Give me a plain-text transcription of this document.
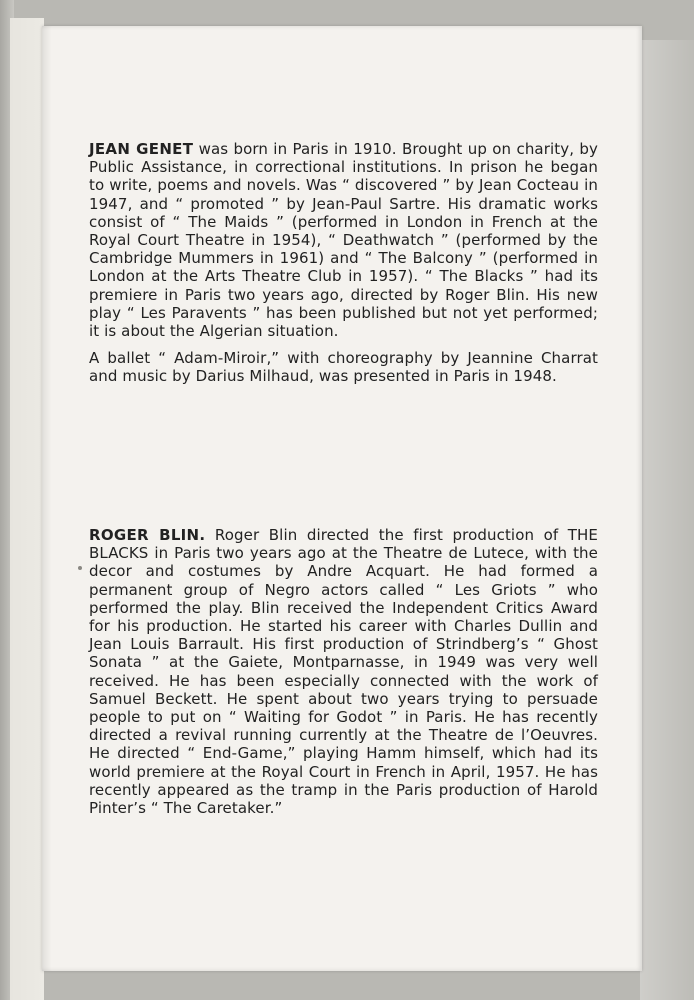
JEAN GENET was born in Paris in 1910. Brought up on charity, by Public Assistance, in correctional institutions. In prison he began to write, poems and novels. Was “ discovered ” by Jean Cocteau in 1947, and “ promoted ” by Jean-Paul Sartre. His dramatic works consist of “ The Maids ” (performed in London in French at the Royal Court Theatre in 1954), “ Deathwatch ” (performed by the Cambridge Mummers in 1961) and “ The Balcony ” (performed in London at the Arts Theatre Club in 1957). “ The Blacks ” had its premiere in Paris two years ago, directed by Roger Blin. His new play “ Les Paravents ” has been published but not yet performed; it is about the Algerian situation.

A ballet “ Adam-Miroir,” with choreography by Jeannine Charrat and music by Darius Milhaud, was presented in Paris in 1948.

ROGER BLIN. Roger Blin directed the first production of THE BLACKS in Paris two years ago at the Theatre de Lutece, with the decor and costumes by Andre Acquart. He had formed a permanent group of Negro actors called “ Les Griots ” who performed the play. Blin received the Independent Critics Award for his production. He started his career with Charles Dullin and Jean Louis Barrault. His first production of Strindberg’s “ Ghost Sonata ” at the Gaiete, Montparnasse, in 1949 was very well received. He has been especially connected with the work of Samuel Beckett. He spent about two years trying to persuade people to put on “ Waiting for Godot ” in Paris. He has recently directed a revival running currently at the Theatre de l’Oeuvres. He directed “ End-Game,” playing Hamm himself, which had its world premiere at the Royal Court in French in April, 1957. He has recently appeared as the tramp in the Paris production of Harold Pinter’s “ The Caretaker.”
